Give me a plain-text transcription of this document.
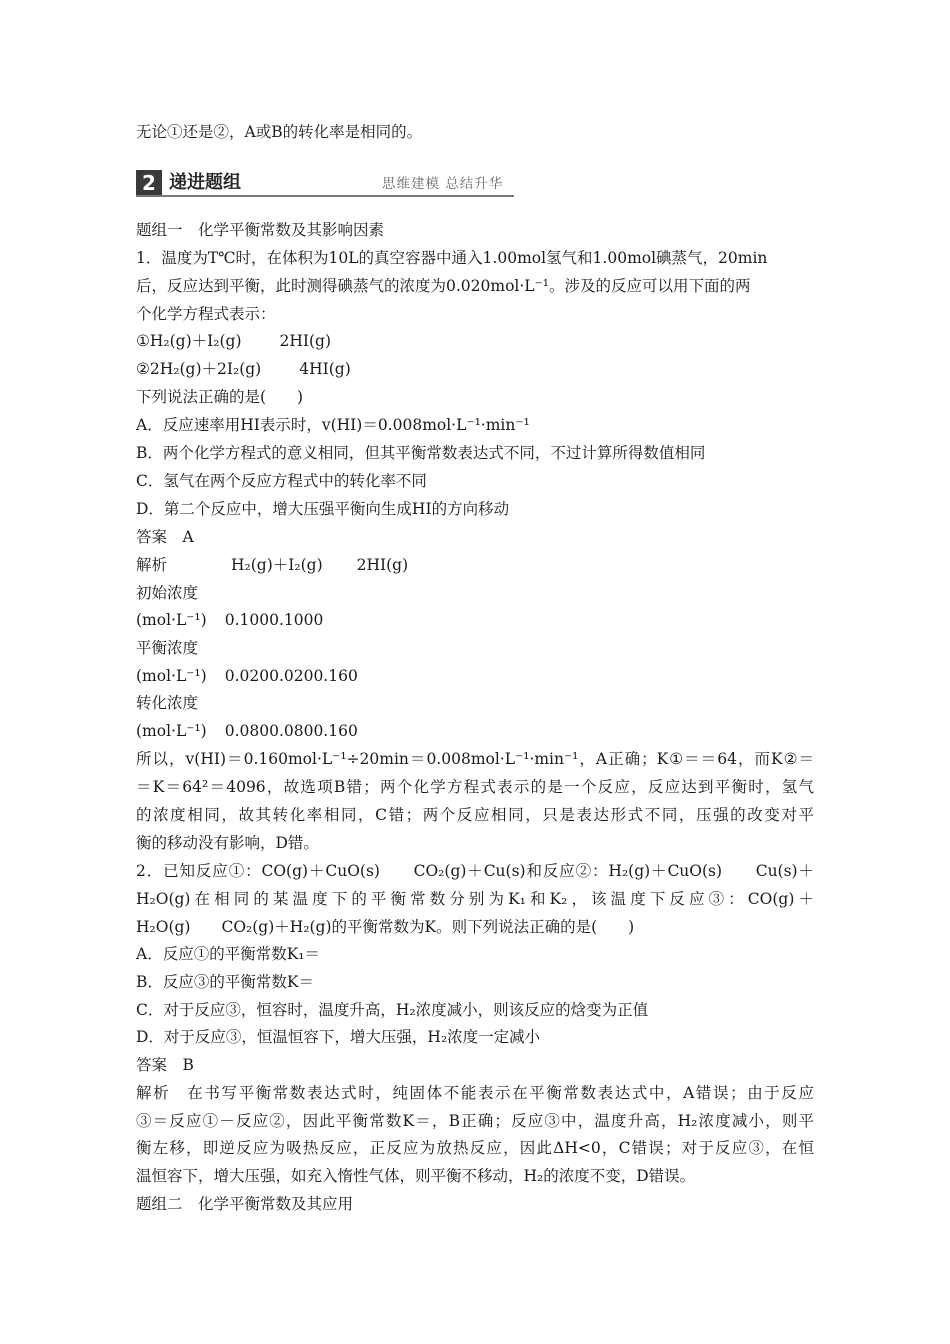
无论①还是②，A或B的转化率是相同的。
2 递进题组	思维建模 总结升华
题组一　化学平衡常数及其影响因素
1．温度为T℃时，在体积为10L的真空容器中通入1.00mol氢气和1.00mol碘蒸气，20min
后，反应达到平衡，此时测得碘蒸气的浓度为0.020mol·L⁻¹。涉及的反应可以用下面的两
个化学方程式表示：
①H₂(g)＋I₂(g) 2HI(g)
②2H₂(g)＋2I₂(g) 4HI(g)
下列说法正确的是(　　)
A．反应速率用HI表示时，v(HI)＝0.008mol·L⁻¹·min⁻¹
B．两个化学方程式的意义相同，但其平衡常数表达式不同，不过计算所得数值相同
C．氢气在两个反应方程式中的转化率不同
D．第二个反应中，增大压强平衡向生成HI的方向移动
答案　A
解析	H₂(g)＋I₂(g) 2HI(g)
初始浓度
(mol·L⁻¹) 0.1000.1000
平衡浓度
(mol·L⁻¹) 0.0200.0200.160
转化浓度
(mol·L⁻¹) 0.0800.0800.160
所以，v(HI)＝0.160mol·L⁻¹÷20min＝0.008mol·L⁻¹·min⁻¹，A正确；K①＝＝64，而K②＝
＝K＝64²＝4096，故选项B错；两个化学方程式表示的是一个反应，反应达到平衡时，氢气
的浓度相同，故其转化率相同，C错；两个反应相同，只是表达形式不同，压强的改变对平
衡的移动没有影响，D错。
2．已知反应①：CO(g)＋CuO(s)　　CO₂(g)＋Cu(s)和反应②：H₂(g)＋CuO(s)　　Cu(s)＋
H₂O(g)在相同的某温度下的平衡常数分别为K₁和K₂，该温度下反应③：CO(g)＋
H₂O(g)　　CO₂(g)＋H₂(g)的平衡常数为K。则下列说法正确的是(　　)
A．反应①的平衡常数K₁＝
B．反应③的平衡常数K＝
C．对于反应③，恒容时，温度升高，H₂浓度减小，则该反应的焓变为正值
D．对于反应③，恒温恒容下，增大压强，H₂浓度一定减小
答案　B
解析　在书写平衡常数表达式时，纯固体不能表示在平衡常数表达式中，A错误；由于反应
③＝反应①－反应②，因此平衡常数K＝，B正确；反应③中，温度升高，H₂浓度减小，则平
衡左移，即逆反应为吸热反应，正反应为放热反应，因此ΔH<0，C错误；对于反应③，在恒
温恒容下，增大压强，如充入惰性气体，则平衡不移动，H₂的浓度不变，D错误。
题组二　化学平衡常数及其应用
